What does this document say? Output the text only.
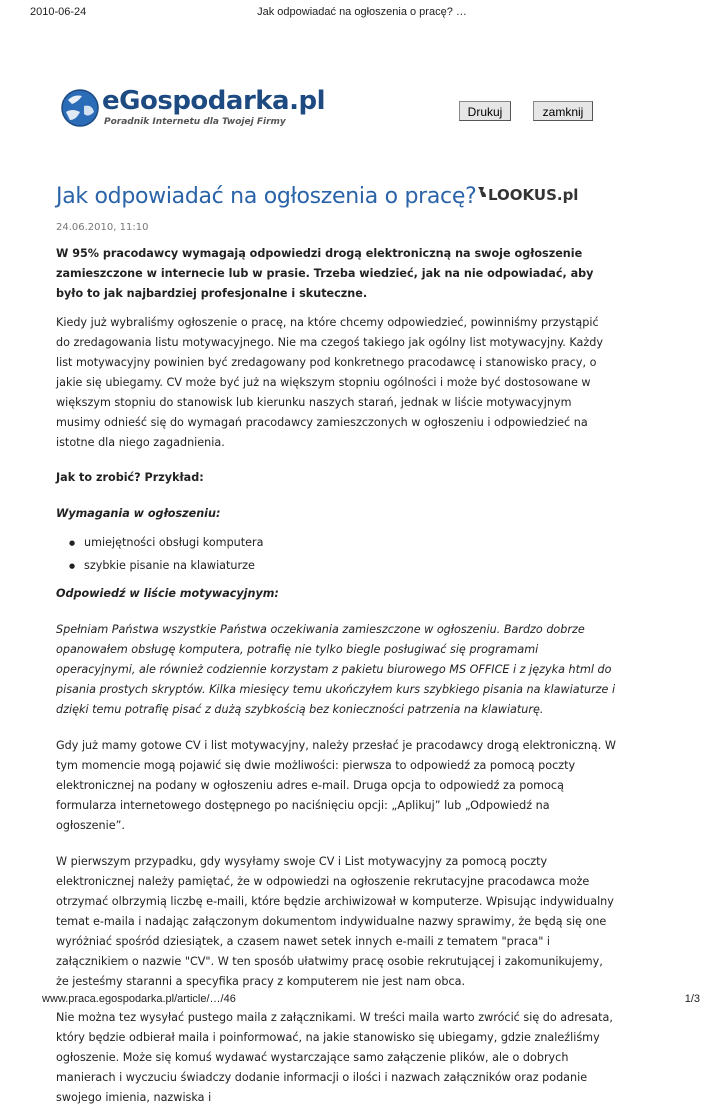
2010-06-24	Jak odpowiadać na ogłoszenia o pracę? …
eGospodarka.pl
Poradnik Internetu dla Twojej Firmy
Drukuj	zamknij
Jak odpowiadać na ogłoszenia o pracę? LOOKUS.pl
24.06.2010, 11:10

W 95% pracodawcy wymagają odpowiedzi drogą elektroniczną na swoje ogłoszenie zamieszczone w internecie lub w prasie. Trzeba wiedzieć, jak na nie odpowiadać, aby było to jak najbardziej profesjonalne i skuteczne.

Kiedy już wybraliśmy ogłoszenie o pracę, na które chcemy odpowiedzieć, powinniśmy przystąpić do zredagowania listu motywacyjnego. Nie ma czegoś takiego jak ogólny list motywacyjny. Każdy list motywacyjny powinien być zredagowany pod konkretnego pracodawcę i stanowisko pracy, o jakie się ubiegamy. CV może być już na większym stopniu ogólności i może być dostosowane w większym stopniu do stanowisk lub kierunku naszych starań, jednak w liście motywacyjnym musimy odnieść się do wymagań pracodawcy zamieszczonych w ogłoszeniu i odpowiedzieć na istotne dla niego zagadnienia.

Jak to zrobić? Przykład:

Wymagania w ogłoszeniu:

● umiejętności obsługi komputera
● szybkie pisanie na klawiaturze

Odpowiedź w liście motywacyjnym:

Spełniam Państwa wszystkie Państwa oczekiwania zamieszczone w ogłoszeniu. Bardzo dobrze opanowałem obsługę komputera, potrafię nie tylko biegle posługiwać się programami operacyjnymi, ale również codziennie korzystam z pakietu biurowego MS OFFICE i z języka html do pisania prostych skryptów. Kilka miesięcy temu ukończyłem kurs szybkiego pisania na klawiaturze i dzięki temu potrafię pisać z dużą szybkością bez konieczności patrzenia na klawiaturę.

Gdy już mamy gotowe CV i list motywacyjny, należy przesłać je pracodawcy drogą elektroniczną. W tym momencie mogą pojawić się dwie możliwości: pierwsza to odpowiedź za pomocą poczty elektronicznej na podany w ogłoszeniu adres e-mail. Druga opcja to odpowiedź za pomocą formularza internetowego dostępnego po naciśnięciu opcji: „Aplikuj” lub „Odpowiedź na ogłoszenie”.

W pierwszym przypadku, gdy wysyłamy swoje CV i List motywacyjny za pomocą poczty elektronicznej należy pamiętać, że w odpowiedzi na ogłoszenie rekrutacyjne pracodawca może otrzymać olbrzymią liczbę e-maili, które będzie archiwizował w komputerze. Wpisując indywidualny temat e-maila i nadając załączonym dokumentom indywidualne nazwy sprawimy, że będą się one wyróżniać spośród dziesiątek, a czasem nawet setek innych e-maili z tematem "praca" i załącznikiem o nazwie "CV". W ten sposób ułatwimy pracę osobie rekrutującej i zakomunikujemy, że jesteśmy staranni a specyfika pracy z komputerem nie jest nam obca.

Nie można tez wysyłać pustego maila z załącznikami. W treści maila warto zwrócić się do adresata, który będzie odbierał maila i poinformować, na jakie stanowisko się ubiegamy, gdzie znaleźliśmy ogłoszenie. Może się komuś wydawać wystarczające samo załączenie plików, ale o dobrych manierach i wyczuciu świadczy dodanie informacji o ilości i nazwach załączników oraz podanie swojego imienia, nazwiska i

www.praca.egospodarka.pl/article/…/46	1/3
